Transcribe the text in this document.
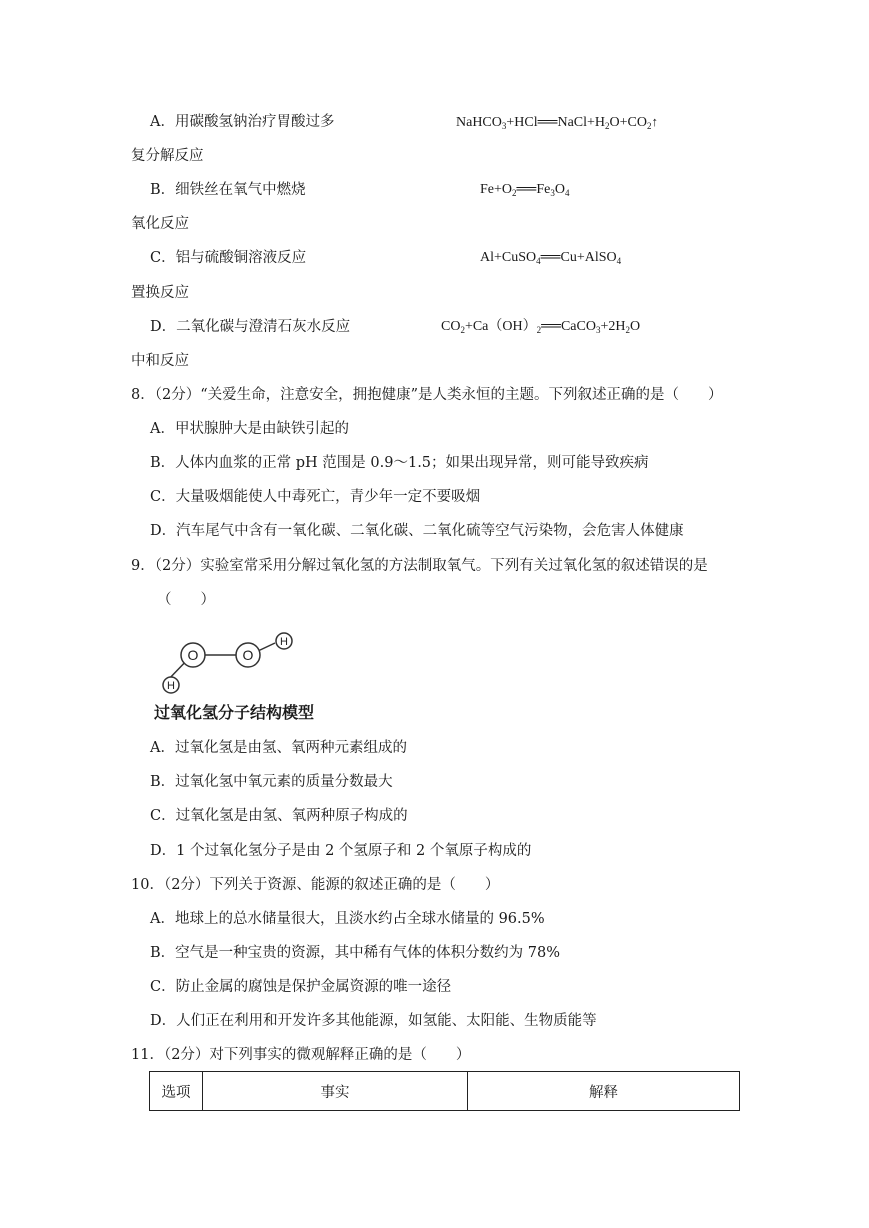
A．用碳酸氢钠治疗胃酸过多	$NaHCO_3+HCl══NaCl+H_2O+CO_2↑$
复分解反应
B．细铁丝在氧气中燃烧	$Fe+O_2══Fe_3O_4$
氧化反应
C．铝与硫酸铜溶液反应	Al+CuSO$_4$══Cu+AlSO$_4$
置换反应
D．二氧化碳与澄清石灰水反应	$CO_2+Ca(OH)_2══CaCO_3+2H_2O$
中和反应
8．（2分）“关爱生命，注意安全，拥抱健康”是人类永恒的主题。下列叙述正确的是（　　）
A．甲状腺肿大是由缺铁引起的
B．人体内血浆的正常 pH 范围是 0.9～1.5；如果出现异常，则可能导致疾病
C．大量吸烟能使人中毒死亡，青少年一定不要吸烟
D．汽车尾气中含有一氧化碳、二氧化碳、二氧化硫等空气污染物，会危害人体健康
9．（2分）实验室常采用分解过氧化氢的方法制取氧气。下列有关过氧化氢的叙述错误的是
（　　）
O	O
H
H
过氧化氢分子结构模型
A．过氧化氢是由氢、氧两种元素组成的
B．过氧化氢中氧元素的质量分数最大
C．过氧化氢是由氢、氧两种原子构成的
D．1 个过氧化氢分子是由 2 个氢原子和 2 个氧原子构成的
10．（2分）下列关于资源、能源的叙述正确的是（　　）
A．地球上的总水储量很大，且淡水约占全球水储量的 96.5%
B．空气是一种宝贵的资源，其中稀有气体的体积分数约为 78%
C．防止金属的腐蚀是保护金属资源的唯一途径
D．人们正在利用和开发许多其他能源，如氢能、太阳能、生物质能等
11．（2分）对下列事实的微观解释正确的是（　　）
选项	事实	解释
